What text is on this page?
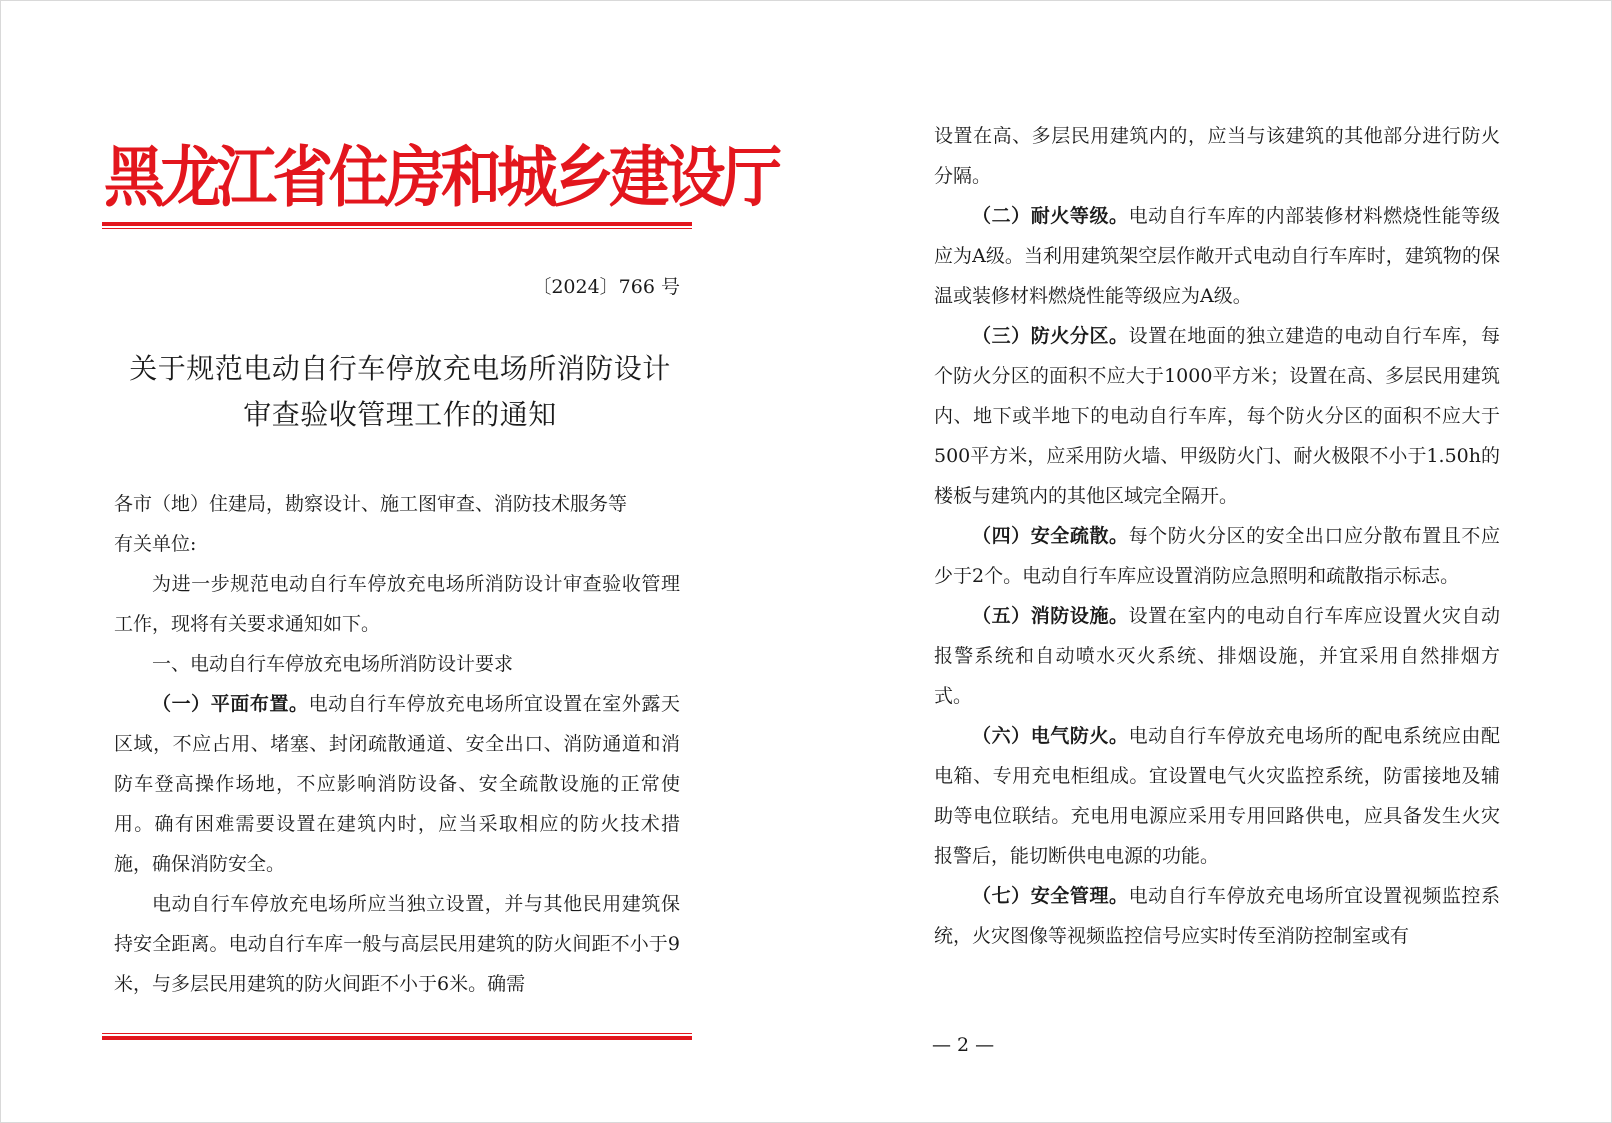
黑龙江省住房和城乡建设厅
〔2024〕766 号
关于规范电动自行车停放充电场所消防设计
审查验收管理工作的通知

各市（地）住建局，勘察设计、施工图审查、消防技术服务等
有关单位:

为进一步规范电动自行车停放充电场所消防设计审查验收管理工作，现将有关要求通知如下。

一、电动自行车停放充电场所消防设计要求

（一）平面布置。电动自行车停放充电场所宜设置在室外露天区域，不应占用、堵塞、封闭疏散通道、安全出口、消防通道和消防车登高操作场地，不应影响消防设备、安全疏散设施的正常使用。确有困难需要设置在建筑内时，应当采取相应的防火技术措施，确保消防安全。

电动自行车停放充电场所应当独立设置，并与其他民用建筑保持安全距离。电动自行车库一般与高层民用建筑的防火间距不小于9米，与多层民用建筑的防火间距不小于6米。确需

设置在高、多层民用建筑内的，应当与该建筑的其他部分进行防火分隔。

（二）耐火等级。电动自行车库的内部装修材料燃烧性能等级应为A级。当利用建筑架空层作敞开式电动自行车库时，建筑物的保温或装修材料燃烧性能等级应为A级。

（三）防火分区。设置在地面的独立建造的电动自行车库，每个防火分区的面积不应大于1000平方米；设置在高、多层民用建筑内、地下或半地下的电动自行车库，每个防火分区的面积不应大于500平方米，应采用防火墙、甲级防火门、耐火极限不小于1.50h的楼板与建筑内的其他区域完全隔开。

（四）安全疏散。每个防火分区的安全出口应分散布置且不应少于2个。电动自行车库应设置消防应急照明和疏散指示标志。

（五）消防设施。设置在室内的电动自行车库应设置火灾自动报警系统和自动喷水灭火系统、排烟设施，并宜采用自然排烟方式。

（六）电气防火。电动自行车停放充电场所的配电系统应由配电箱、专用充电柜组成。宜设置电气火灾监控系统，防雷接地及辅助等电位联结。充电用电源应采用专用回路供电，应具备发生火灾报警后，能切断供电电源的功能。

（七）安全管理。电动自行车停放充电场所宜设置视频监控系统，火灾图像等视频监控信号应实时传至消防控制室或有

— 2 —
